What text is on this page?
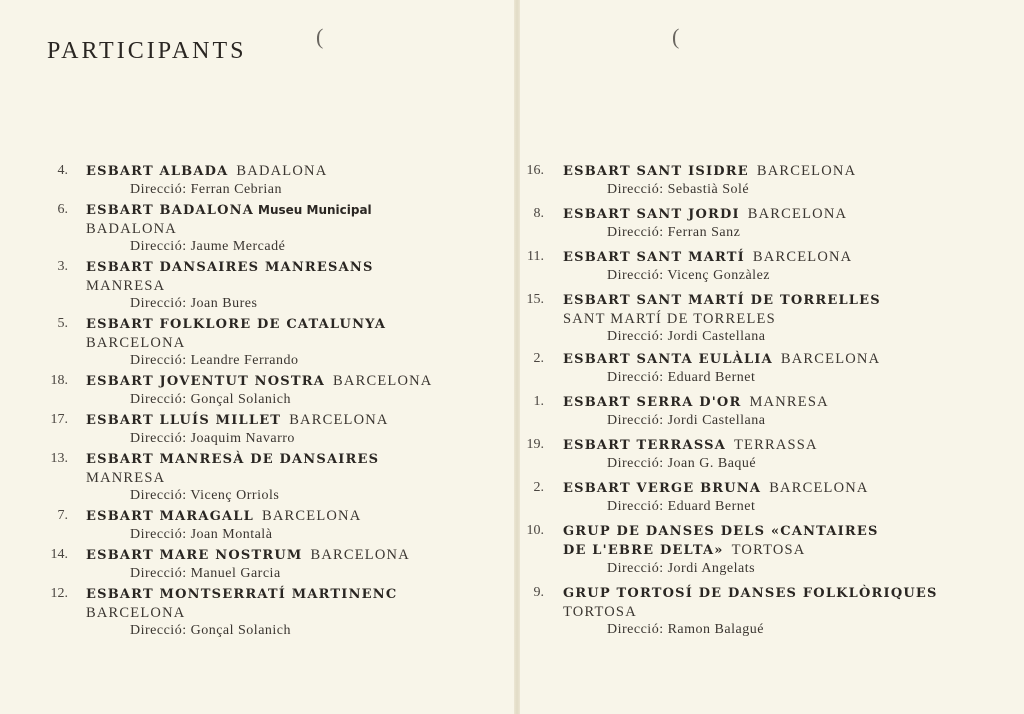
(	(
PARTICIPANTS
4. ESBART ALBADA BADALONA
Direcció: Ferran Cebrian
6. ESBART BADALONA Museu Municipal
BADALONA
Direcció: Jaume Mercadé
3. ESBART DANSAIRES MANRESANS
MANRESA
Direcció: Joan Bures
5. ESBART FOLKLORE DE CATALUNYA
BARCELONA
Direcció: Leandre Ferrando
18. ESBART JOVENTUT NOSTRA BARCELONA
Direcció: Gonçal Solanich
17. ESBART LLUÍS MILLET BARCELONA
Direcció: Joaquim Navarro
13. ESBART MANRESÀ DE DANSAIRES
MANRESA
Direcció: Vicenç Orriols
7. ESBART MARAGALL BARCELONA
Direcció: Joan Montalà
14. ESBART MARE NOSTRUM BARCELONA
Direcció: Manuel Garcia
12. ESBART MONTSERRATÍ MARTINENC
BARCELONA
Direcció: Gonçal Solanich
16. ESBART SANT ISIDRE BARCELONA
Direcció: Sebastià Solé
8. ESBART SANT JORDI BARCELONA
Direcció: Ferran Sanz
11. ESBART SANT MARTÍ BARCELONA
Direcció: Vicenç Gonzàlez
15. ESBART SANT MARTÍ DE TORRELLES
SANT MARTÍ DE TORRELES
Direcció: Jordi Castellana
2. ESBART SANTA EULÀLIA BARCELONA
Direcció: Eduard Bernet
1. ESBART SERRA D'OR MANRESA
Direcció: Jordi Castellana
19. ESBART TERRASSA TERRASSA
Direcció: Joan G. Baqué
2. ESBART VERGE BRUNA BARCELONA
Direcció: Eduard Bernet
10. GRUP DE DANSES DELS «CANTAIRES
DE L'EBRE DELTA» TORTOSA
Direcció: Jordi Angelats
9. GRUP TORTOSÍ DE DANSES FOLKLÒRIQUES
TORTOSA
Direcció: Ramon Balagué
